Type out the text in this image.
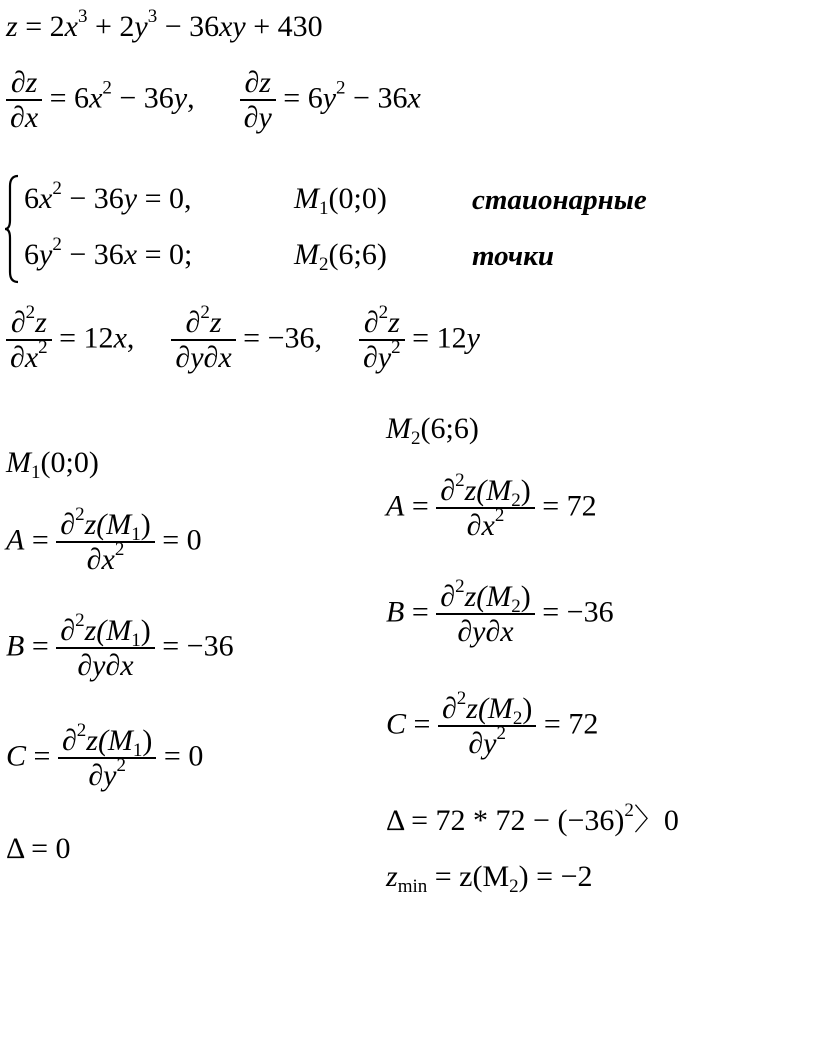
$z = 2x^3 + 2y^3 - 36xy + 430$
$\frac{\partial z}{\partial x} = 6x^2 - 36y$, $\frac{\partial z}{\partial y} = 6y^2 - 36x$
$6x^2 - 36y = 0$,
$6y^2 - 36x = 0$;
$M_1(0;0)$
$M_2(6;6)$
стаионарные
точки
$\frac{\partial^2z}{\partial x^2} = 12x$, $\frac{\partial^2z}{\partial y\partial x} = -36$, $\frac{\partial^2z}{\partial y^2} = 12y$
$M_1(0;0)$
$A = \frac{\partial^2z(M_1)}{\partial x^2} = 0$
$B = \frac{\partial^2z(M_1)}{\partial y\partial x} = -36$
$C = \frac{\partial^2z(M_1)}{\partial y^2} = 0$
Δ = 0
$M_2(6;6)$
$A = \frac{\partial^2z(M_2)}{\partial x^2} = 72$
$B = \frac{\partial^2z(M_2)}{\partial y\partial x} = -36$
$C = \frac{\partial^2z(M_2)}{\partial y^2} = 72$
$\Delta = 72 * 72 - (-36)^2$〉0
$z_{min} = z(M_2) = -2$
